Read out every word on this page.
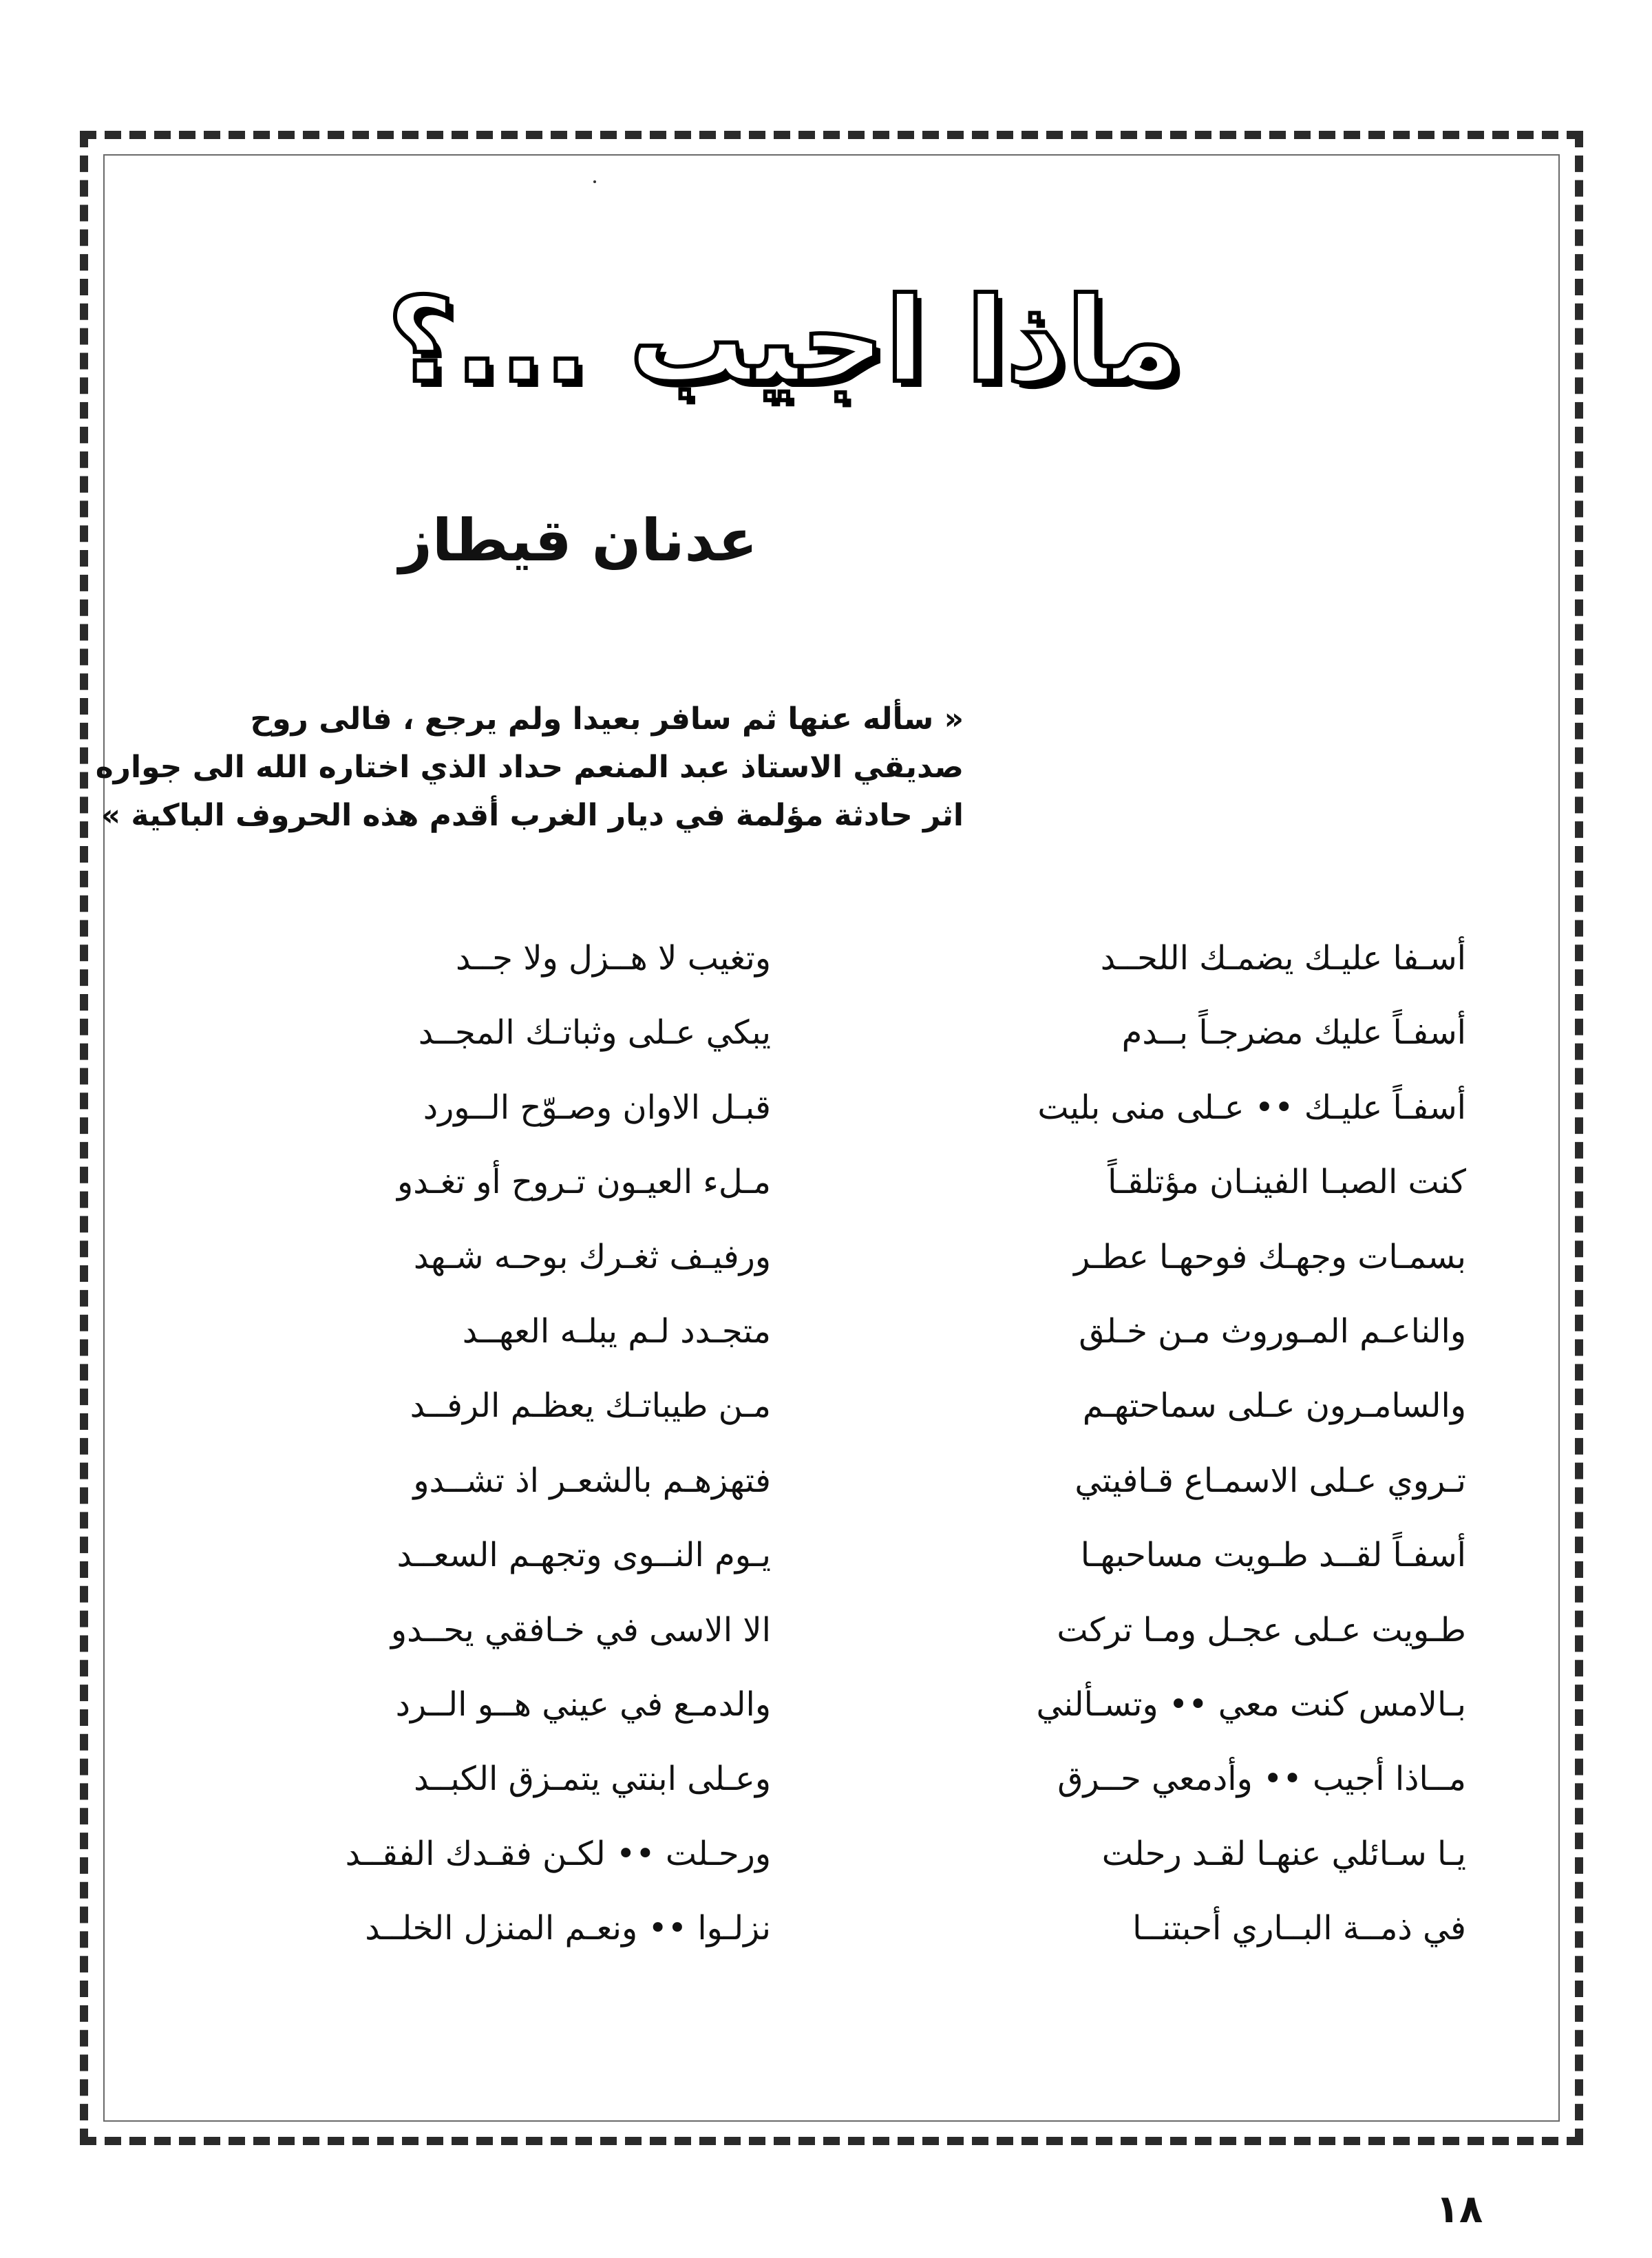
ماذا اجيب ...؟
عدنان قيطاز
« سأله عنها ثم سافر بعيدا ولم يرجع ، فالى روح
صديقي الاستاذ عبد المنعم حداد الذي اختاره الله الى جواره
اثر حادثة مؤلمة في ديار الغرب أقدم هذه الحروف الباكية »
أسـفا عليـك يضمـك اللحــد
وتغيب لا هــزل ولا جــد
أسفـاً عليك مضرجـاً بــدم
يبكي عـلى وثباتـك المجــد
أسفـاً عليـك •• عـلى منى بليت
قبـل الاوان وصـوّح الــورد
كنت الصبـا الفينـان مؤتلقـاً
مـلء العيـون تـروح أو تغـدو
بسمـات وجهـك فوحهـا عطـر
ورفيـف ثغـرك بوحـه شـهد
والناعـم المـوروث مـن خـلق
متجـدد لـم يبلـه العهــد
والسامـرون عـلى سماحتهـم
مـن طيباتـك يعظـم الرفــد
تـروي عـلى الاسمـاع قـافيتي
فتهزهـم بالشعـر اذ تشــدو
أسفـاً لقــد طـويت مساحبهـا
يـوم النــوى وتجهـم السعــد
طـويت عـلى عجـل ومـا تركت
الا الاسى في خـافقي يحــدو
بـالامس كنت معي •• وتسـألني
والدمـع في عيني هــو الــرد
مــاذا أجيب •• وأدمعي حــرق
وعـلى ابنتي يتمـزق الكبــد
يـا سـائلي عنهـا لقـد رحلت
ورحـلت •• لكـن فقـدك الفقــد
في ذمــة البــاري أحبتنــا
نزلـوا •• ونعـم المنزل الخلــد
١٨
